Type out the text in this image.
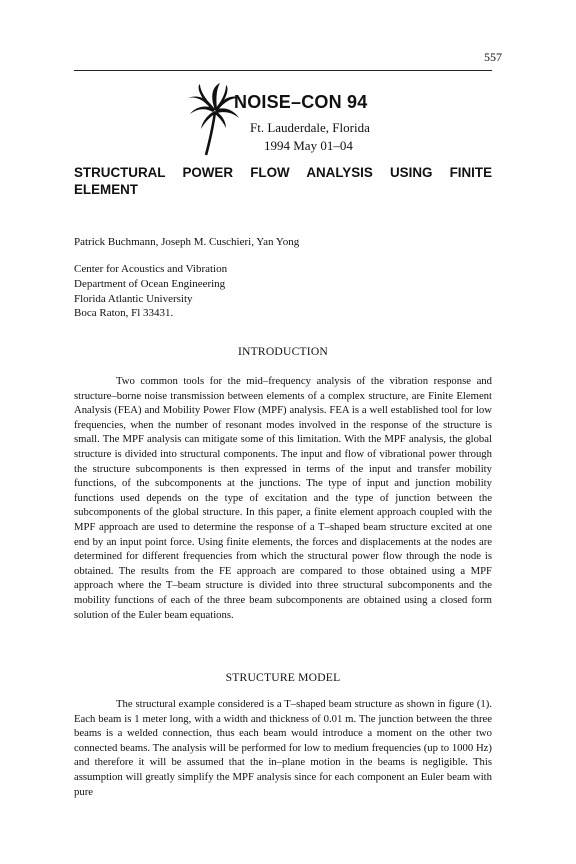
557
NOISE–CON 94
Ft. Lauderdale, Florida
1994 May 01–04
STRUCTURAL POWER FLOW ANALYSIS USING FINITE ELEMENT
Patrick Buchmann, Joseph M. Cuschieri, Yan Yong
Center for Acoustics and Vibration
Department of Ocean Engineering
Florida Atlantic University
Boca Raton, Fl 33431.
INTRODUCTION

Two common tools for the mid–frequency analysis of the vibration response and structure–borne noise transmission between elements of a complex structure, are Finite Element Analysis (FEA) and Mobility Power Flow (MPF) analysis. FEA is a well established tool for low frequencies, when the number of resonant modes involved in the response of the structure is small. The MPF analysis can mitigate some of this limitation. With the MPF analysis, the global structure is divided into structural components. The input and flow of vibrational power through the structure subcomponents is then expressed in terms of the input and transfer mobility functions, of the subcomponents at the junctions. The type of input and junction mobility functions used depends on the type of excitation and the type of junction between the subcomponents of the global structure. In this paper, a finite element approach coupled with the MPF approach are used to determine the response of a T–shaped beam structure excited at one end by an input point force. Using finite elements, the forces and displacements at the nodes are determined for different frequencies from which the structural power flow through the node is obtained. The results from the FE approach are compared to those obtained using a MPF approach where the T–beam structure is divided into three structural subcomponents and the mobility functions of each of the three beam subcomponents are obtained using a closed form solution of the Euler beam equations.

STRUCTURE MODEL

The structural example considered is a T–shaped beam structure as shown in figure (1). Each beam is 1 meter long, with a width and thickness of 0.01 m. The junction between the three beams is a welded connection, thus each beam would introduce a moment on the other two connected beams. The analysis will be performed for low to medium frequencies (up to 1000 Hz) and therefore it will be assumed that the in–plane motion in the beams is negligible. This assumption will greatly simplify the MPF analysis since for each component an Euler beam with pure
